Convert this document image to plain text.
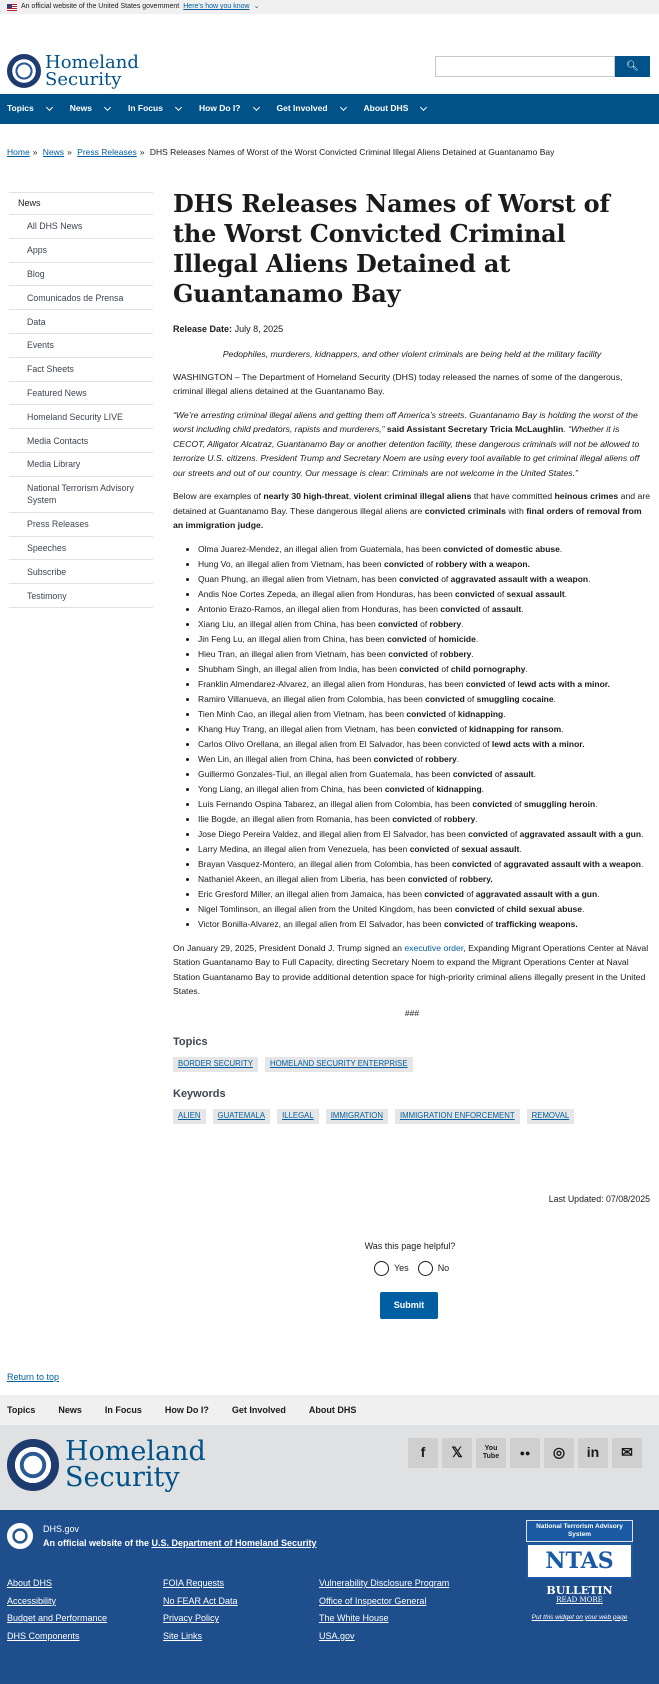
An official website of the United States government Here's how you know ⌄
Homeland
Security
🔍︎
Topics	News	In Focus	How Do I?	Get Involved	About DHS
Home » News » Press Releases » DHS Releases Names of Worst of the Worst Convicted Criminal Illegal Aliens Detained at Guantanamo Bay
News
All DHS News
Apps
Blog
Comunicados de Prensa
Data
Events
Fact Sheets
Featured News
Homeland Security LIVE
Media Contacts
Media Library
National Terrorism Advisory System
Press Releases
Speeches
Subscribe
Testimony
DHS Releases Names of Worst of the Worst Convicted Criminal Illegal Aliens Detained at Guantanamo Bay
Release Date: July 8, 2025
Pedophiles, murderers, kidnappers, and other violent criminals are being held at the military facility

WASHINGTON – The Department of Homeland Security (DHS) today released the names of some of the dangerous, criminal illegal aliens detained at the Guantanamo Bay.

“We’re arresting criminal illegal aliens and getting them off America’s streets. Guantanamo Bay is holding the worst of the worst including child predators, rapists and murderers,” said Assistant Secretary Tricia McLaughlin. “Whether it is CECOT, Alligator Alcatraz, Guantanamo Bay or another detention facility, these dangerous criminals will not be allowed to terrorize U.S. citizens. President Trump and Secretary Noem are using every tool available to get criminal illegal aliens off our streets and out of our country. Our message is clear: Criminals are not welcome in the United States.”

Below are examples of nearly 30 high-threat, violent criminal illegal aliens that have committed heinous crimes and are detained at Guantanamo Bay. These dangerous illegal aliens are convicted criminals with final orders of removal from an immigration judge.

• Olma Juarez-Mendez, an illegal alien from Guatemala, has been convicted of domestic abuse.
• Hung Vo, an illegal alien from Vietnam, has been convicted of robbery with a weapon.
• Quan Phung, an illegal alien from Vietnam, has been convicted of aggravated assault with a weapon.
• Andis Noe Cortes Zepeda, an illegal alien from Honduras, has been convicted of sexual assault.
• Antonio Erazo-Ramos, an illegal alien from Honduras, has been convicted of assault.
• Xiang Liu, an illegal alien from China, has been convicted of robbery.
• Jin Feng Lu, an illegal alien from China, has been convicted of homicide.
• Hieu Tran, an illegal alien from Vietnam, has been convicted of robbery.
• Shubham Singh, an illegal alien from India, has been convicted of child pornography.
• Franklin Almendarez-Alvarez, an illegal alien from Honduras, has been convicted of lewd acts with a minor.
• Ramiro Villanueva, an illegal alien from Colombia, has been convicted of smuggling cocaine.
• Tien Minh Cao, an illegal alien from Vietnam, has been convicted of kidnapping.
• Khang Huy Trang, an illegal alien from Vietnam, has been convicted of kidnapping for ransom.
• Carlos Olivo Orellana, an illegal alien from El Salvador, has been convicted of lewd acts with a minor.
• Wen Lin, an illegal alien from China, has been convicted of robbery.
• Guillermo Gonzales-Tiul, an illegal alien from Guatemala, has been convicted of assault.
• Yong Liang, an illegal alien from China, has been convicted of kidnapping.
• Luis Fernando Ospina Tabarez, an illegal alien from Colombia, has been convicted of smuggling heroin.
• Ilie Bogde, an illegal alien from Romania, has been convicted of robbery.
• Jose Diego Pereira Valdez, and illegal alien from El Salvador, has been convicted of aggravated assault with a gun.
• Larry Medina, an illegal alien from Venezuela, has been convicted of sexual assault.
• Brayan Vasquez-Montero, an illegal alien from Colombia, has been convicted of aggravated assault with a weapon.
• Nathaniel Akeen, an illegal alien from Liberia, has been convicted of robbery.
• Eric Gresford Miller, an illegal alien from Jamaica, has been convicted of aggravated assault with a gun.
• Nigel Tomlinson, an illegal alien from the United Kingdom, has been convicted of child sexual abuse.
• Victor Bonilla-Alvarez, an illegal alien from El Salvador, has been convicted of trafficking weapons.

On January 29, 2025, President Donald J. Trump signed an executive order, Expanding Migrant Operations Center at Naval Station Guantanamo Bay to Full Capacity, directing Secretary Noem to expand the Migrant Operations Center at Naval Station Guantanamo Bay to provide additional detention space for high-priority criminal aliens illegally present in the United States.

###
Topics
BORDER SECURITY	HOMELAND SECURITY ENTERPRISE
Keywords
ALIEN	GUATEMALA	ILLEGAL	IMMIGRATION	IMMIGRATION ENFORCEMENT	REMOVAL
Last Updated: 07/08/2025
Was this page helpful?
Yes	No
Submit
Return to top
Topics	News	In Focus	How Do I?	Get Involved	About DHS
Homeland
Security
f	𝕏	You Tube	●●	◎	in	✉
DHS.gov
An official website of the U.S. Department of Homeland Security
About DHS	FOIA Requests	Vulnerability Disclosure Program
Accessibility	No FEAR Act Data	Office of Inspector General
Budget and Performance	Privacy Policy	The White House
DHS Components	Site Links	USA.gov
National Terrorism Advisory System
NTAS
BULLETIN
READ MORE
Put this widget on your web page
